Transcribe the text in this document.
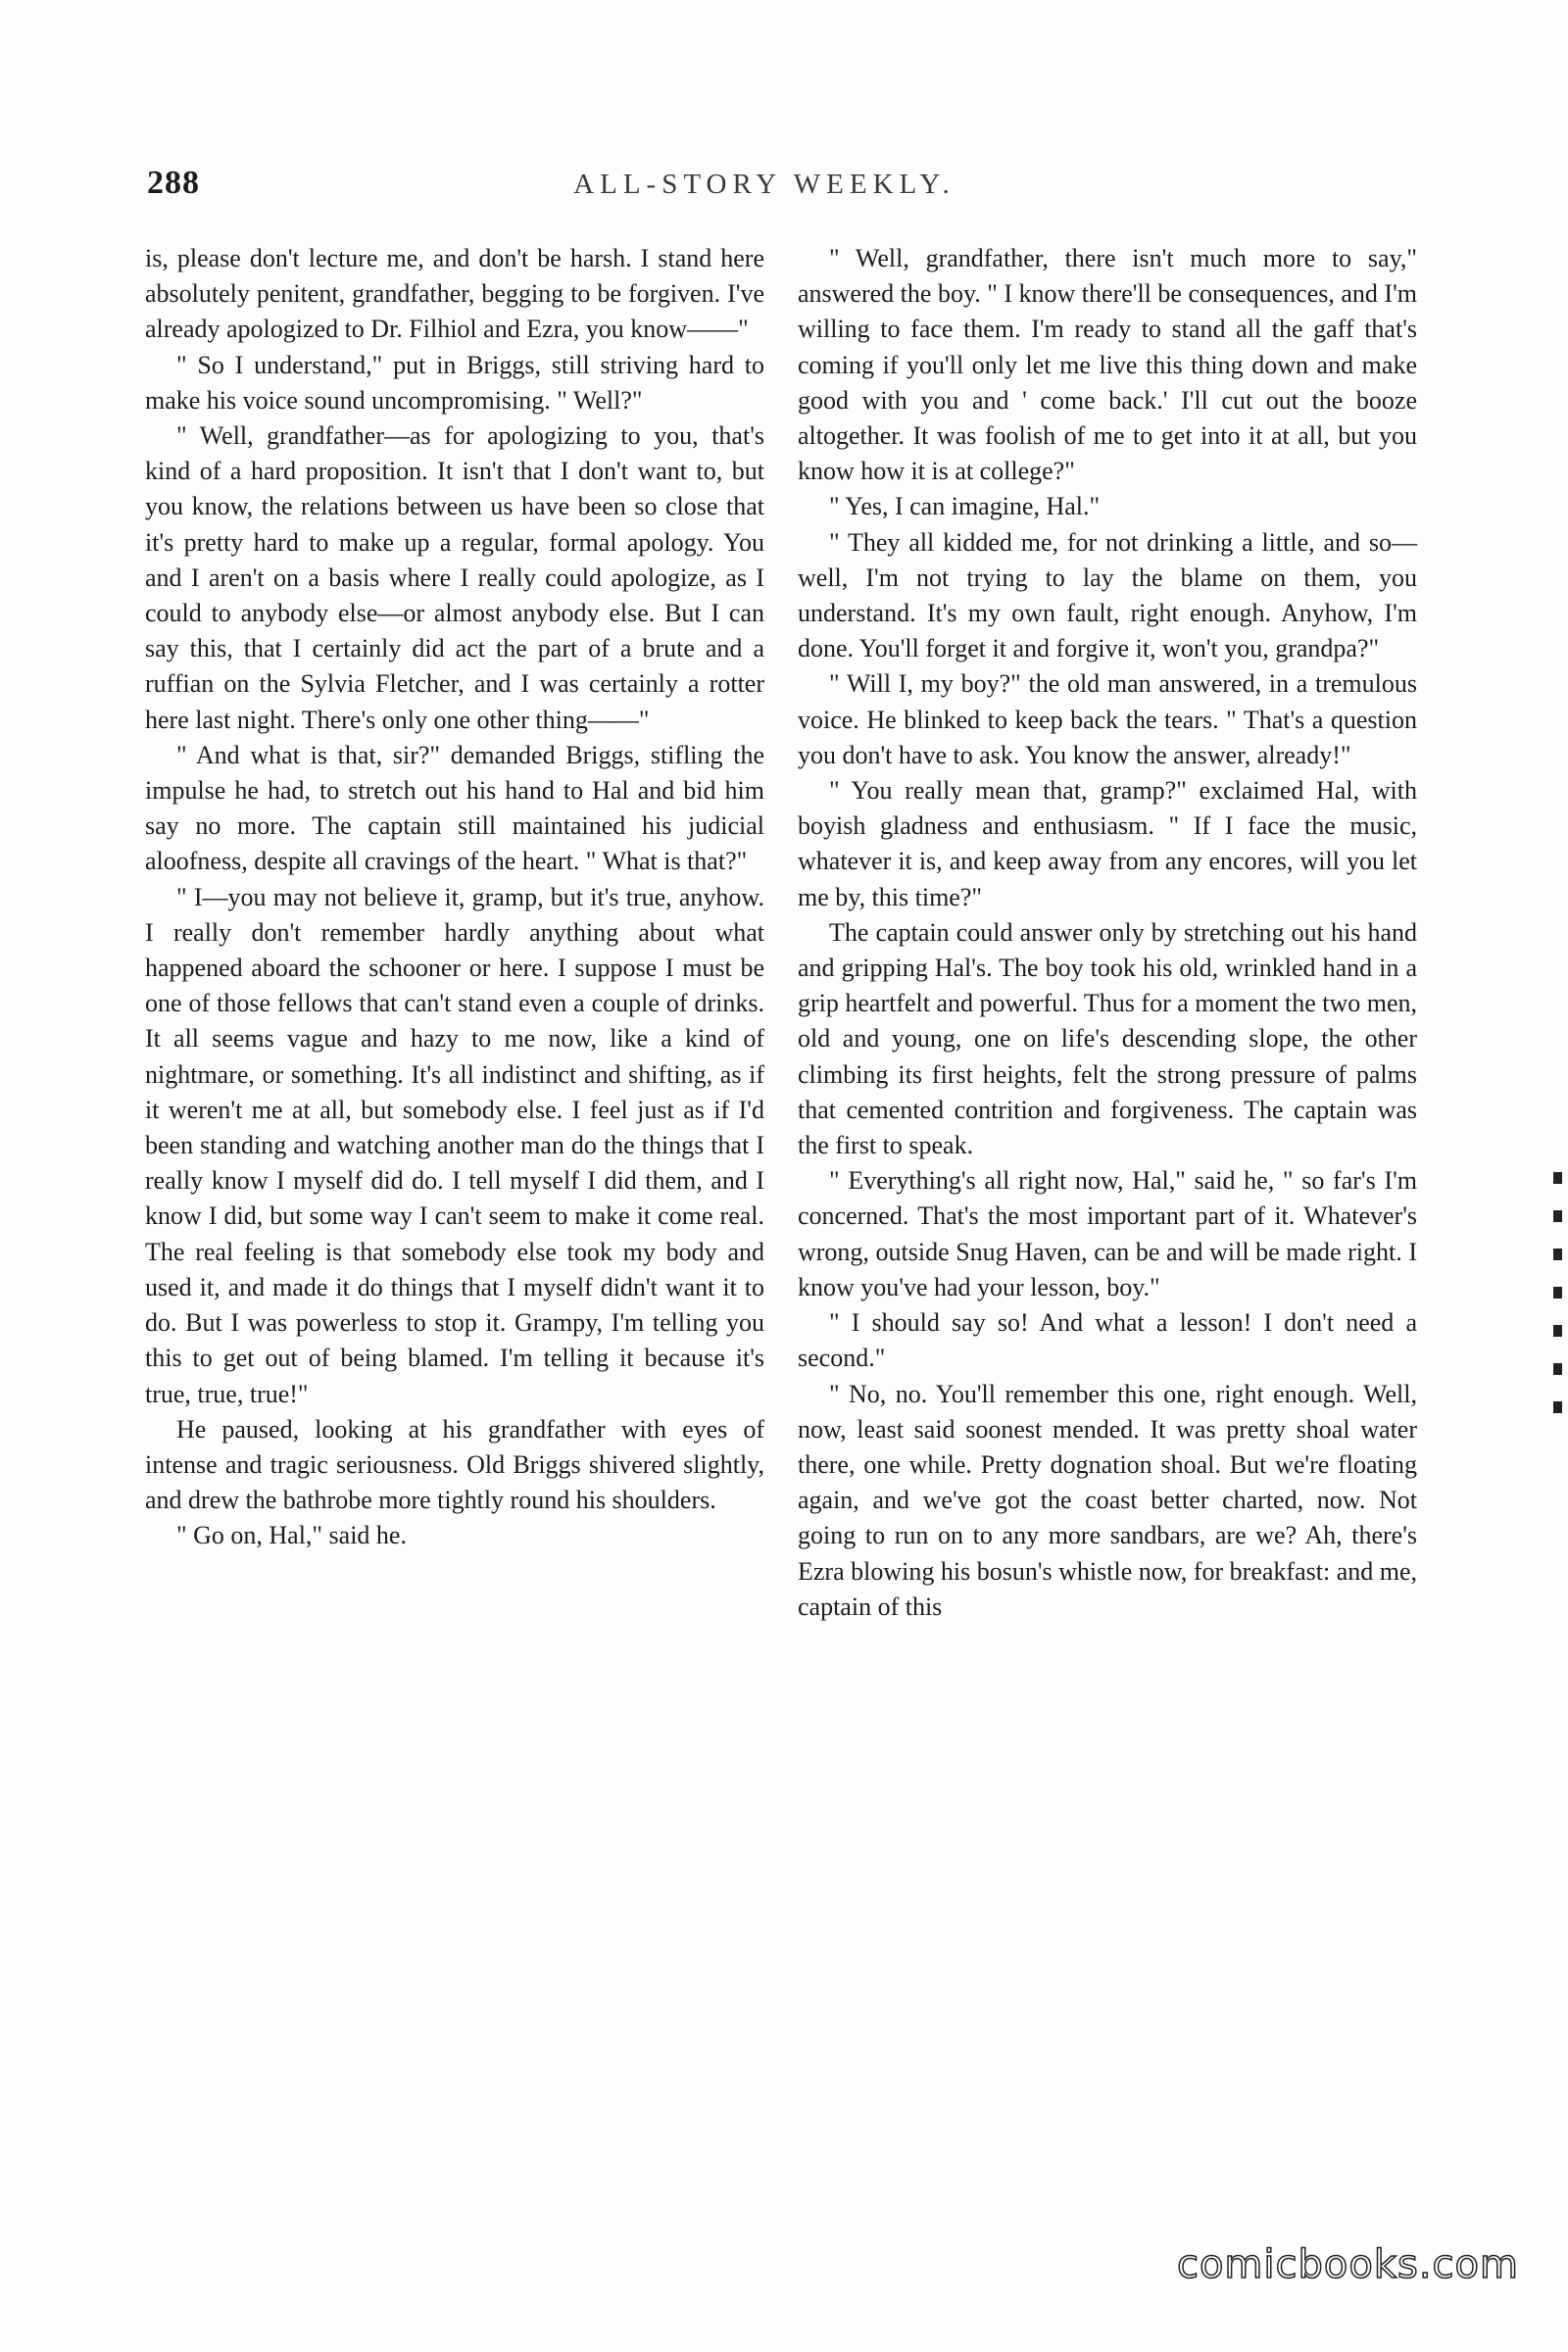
288	ALL-STORY WEEKLY.

is, please don't lecture me, and don't be harsh. I stand here absolutely penitent, grandfather, begging to be forgiven. I've already apologized to Dr. Filhiol and Ezra, you know——"

" So I understand," put in Briggs, still striving hard to make his voice sound uncompromising. " Well?"

" Well, grandfather—as for apologizing to you, that's kind of a hard proposition. It isn't that I don't want to, but you know, the relations between us have been so close that it's pretty hard to make up a regular, formal apology. You and I aren't on a basis where I really could apologize, as I could to anybody else—or almost anybody else. But I can say this, that I certainly did act the part of a brute and a ruffian on the Sylvia Fletcher, and I was certainly a rotter here last night. There's only one other thing——"

" And what is that, sir?" demanded Briggs, stifling the impulse he had, to stretch out his hand to Hal and bid him say no more. The captain still maintained his judicial aloofness, despite all cravings of the heart. " What is that?"

" I—you may not believe it, gramp, but it's true, anyhow. I really don't remember hardly anything about what happened aboard the schooner or here. I suppose I must be one of those fellows that can't stand even a couple of drinks. It all seems vague and hazy to me now, like a kind of nightmare, or something. It's all indistinct and shifting, as if it weren't me at all, but somebody else. I feel just as if I'd been standing and watching another man do the things that I really know I myself did do. I tell myself I did them, and I know I did, but some way I can't seem to make it come real. The real feeling is that somebody else took my body and used it, and made it do things that I myself didn't want it to do. But I was powerless to stop it. Grampy, I'm telling you this to get out of being blamed. I'm telling it because it's true, true, true!"

He paused, looking at his grandfather with eyes of intense and tragic seriousness. Old Briggs shivered slightly, and drew the bathrobe more tightly round his shoulders.

" Go on, Hal," said he.

" Well, grandfather, there isn't much more to say," answered the boy. " I know there'll be consequences, and I'm willing to face them. I'm ready to stand all the gaff that's coming if you'll only let me live this thing down and make good with you and ' come back.' I'll cut out the booze altogether. It was foolish of me to get into it at all, but you know how it is at college?"

" Yes, I can imagine, Hal."

" They all kidded me, for not drinking a little, and so—well, I'm not trying to lay the blame on them, you understand. It's my own fault, right enough. Anyhow, I'm done. You'll forget it and forgive it, won't you, grandpa?"

" Will I, my boy?" the old man answered, in a tremulous voice. He blinked to keep back the tears. " That's a question you don't have to ask. You know the answer, already!"

" You really mean that, gramp?" exclaimed Hal, with boyish gladness and enthusiasm. " If I face the music, whatever it is, and keep away from any encores, will you let me by, this time?"

The captain could answer only by stretching out his hand and gripping Hal's. The boy took his old, wrinkled hand in a grip heartfelt and powerful. Thus for a moment the two men, old and young, one on life's descending slope, the other climbing its first heights, felt the strong pressure of palms that cemented contrition and forgiveness. The captain was the first to speak.

" Everything's all right now, Hal," said he, " so far's I'm concerned. That's the most important part of it. Whatever's wrong, outside Snug Haven, can be and will be made right. I know you've had your lesson, boy."

" I should say so! And what a lesson! I don't need a second."

" No, no. You'll remember this one, right enough. Well, now, least said soonest mended. It was pretty shoal water there, one while. Pretty dognation shoal. But we're floating again, and we've got the coast better charted, now. Not going to run on to any more sandbars, are we? Ah, there's Ezra blowing his bosun's whistle now, for breakfast: and me, captain of this

comicbooks.com
